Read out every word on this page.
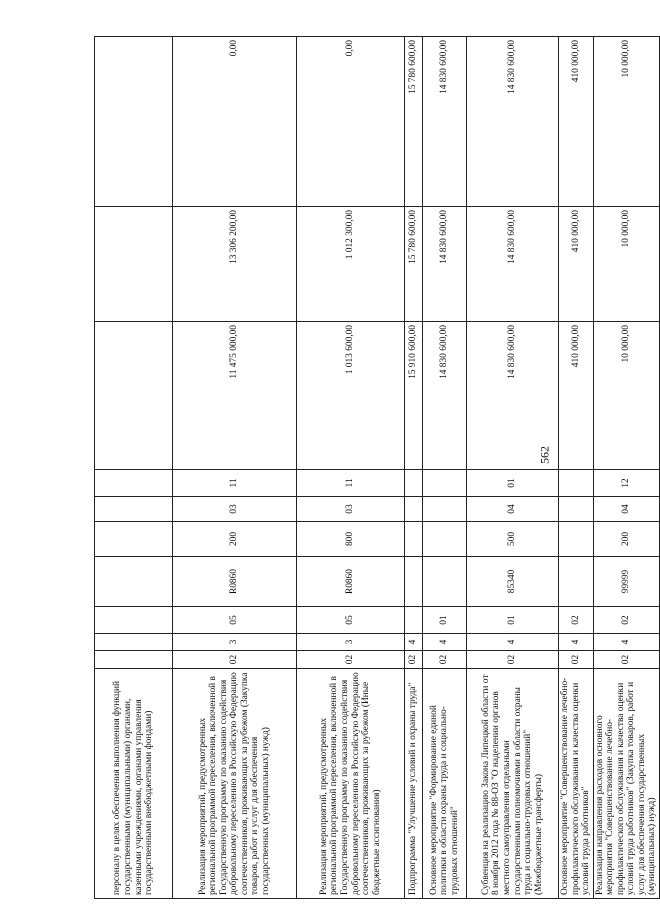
562
персоналу в целях обеспечения выполнения функций государственными (муниципальными) органами, казенными учреждениями, органами управления государственными внебюджетными фондами)										
Реализация мероприятий, предусмотренных региональной программой переселения, включенной в Государственную программу по оказанию содействия добровольному переселению в Российскую Федерацию соотечественников, проживающих за рубежом (Закупка товаров, работ и услуг для обеспечения государственных (муниципальных) нужд)	02	3	05	R0860	200	03	11	11 475 000,00	13 306 200,00	0,00
Реализация мероприятий, предусмотренных региональной программой переселения, включенной в Государственную программу по оказанию содействия добровольному переселению в Российскую Федерацию соотечественников, проживающих за рубежом (Иные бюджетные ассигнования)	02	3	05	R0860	800	03	11	1 013 600,00	1 012 300,00	0,00
Подпрограмма "Улучшение условий и охраны труда"	02	4						15 910 600,00	15 780 600,00	15 780 600,00
Основное мероприятие "Формирование единой политики в области охраны труда и социально-трудовых отношений"	02	4	01					14 830 600,00	14 830 600,00	14 830 600,00
Субвенция на реализацию Закона Липецкой области от 8 ноября 2012 года № 88-ОЗ "О наделении органов местного самоуправления отдельными государственными полномочиями в области охраны труда и социально-трудовых отношений" (Межбюджетные трансферты)	02	4	01	85340	500	04	01	14 830 600,00	14 830 600,00	14 830 600,00
Основное мероприятие "Совершенствование лечебно-профилактического обслуживания и качества оценки условий труда работников"	02	4	02					410 000,00	410 000,00	410 000,00
Реализация направления расходов основного мероприятия "Совершенствование лечебно-профилактического обслуживания и качества оценки условий труда работников" (Закупка товаров, работ и услуг для обеспечения государственных (муниципальных) нужд)	02	4	02	99999	200	04	12	10 000,00	10 000,00	10 000,00
